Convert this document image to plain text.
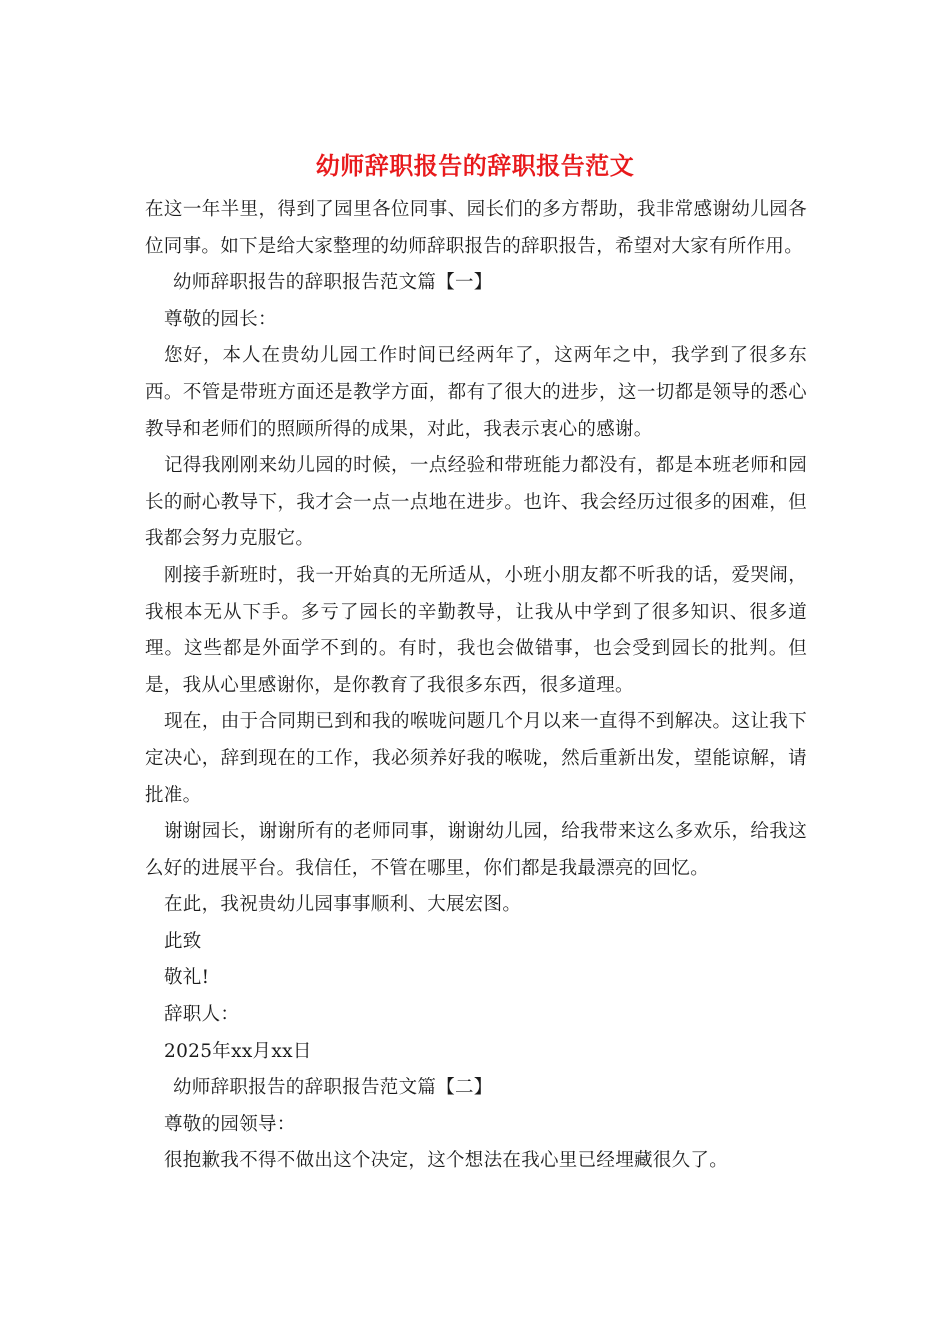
幼师辞职报告的辞职报告范文

在这一年半里，得到了园里各位同事、园长们的多方帮助，我非常感谢幼儿园各位同事。如下是给大家整理的幼师辞职报告的辞职报告，希望对大家有所作用。

幼师辞职报告的辞职报告范文篇【一】

尊敬的园长：

您好，本人在贵幼儿园工作时间已经两年了，这两年之中，我学到了很多东西。不管是带班方面还是教学方面，都有了很大的进步，这一切都是领导的悉心教导和老师们的照顾所得的成果，对此，我表示衷心的感谢。

记得我刚刚来幼儿园的时候，一点经验和带班能力都没有，都是本班老师和园长的耐心教导下，我才会一点一点地在进步。也许、我会经历过很多的困难，但我都会努力克服它。

刚接手新班时，我一开始真的无所适从，小班小朋友都不听我的话，爱哭闹，我根本无从下手。多亏了园长的辛勤教导，让我从中学到了很多知识、很多道理。这些都是外面学不到的。有时，我也会做错事，也会受到园长的批判。但是，我从心里感谢你，是你教育了我很多东西，很多道理。

现在，由于合同期已到和我的喉咙问题几个月以来一直得不到解决。这让我下定决心，辞到现在的工作，我必须养好我的喉咙，然后重新出发，望能谅解，请批准。

谢谢园长，谢谢所有的老师同事，谢谢幼儿园，给我带来这么多欢乐，给我这么好的进展平台。我信任，不管在哪里，你们都是我最漂亮的回忆。

在此，我祝贵幼儿园事事顺利、大展宏图。

此致

敬礼!

辞职人：

2025年xx月xx日

幼师辞职报告的辞职报告范文篇【二】

尊敬的园领导：

很抱歉我不得不做出这个决定，这个想法在我心里已经埋藏很久了。
